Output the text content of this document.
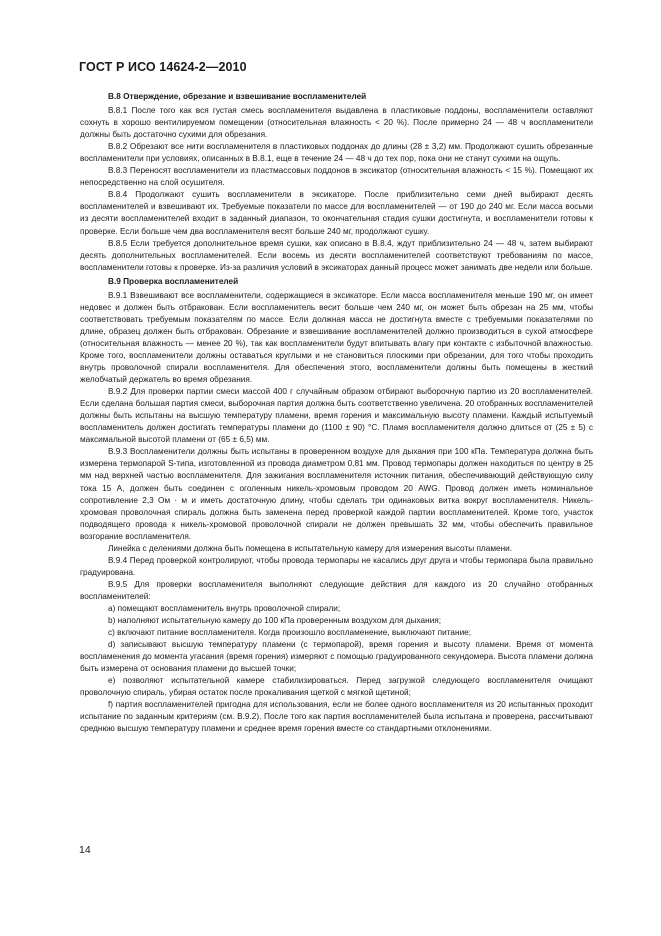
ГОСТ Р ИСО 14624-2—2010

В.8 Отверждение, обрезание и взвешивание воспламенителей

В.8.1 После того как вся густая смесь воспламенителя выдавлена в пластиковые поддоны, воспламенители оставляют сохнуть в хорошо вентилируемом помещении (относительная влажность < 20 %). После примерно 24 — 48 ч воспламенители должны быть достаточно сухими для обрезания.

В.8.2 Обрезают все нити воспламенителя в пластиковых поддонах до длины (28 ± 3,2) мм. Продолжают сушить обрезанные воспламенители при условиях, описанных в В.8.1, еще в течение 24 — 48 ч до тех пор, пока они не станут сухими на ощупь.

В.8.3 Переносят воспламенители из пластмассовых поддонов в эксикатор (относительная влажность < 15 %). Помещают их непосредственно на слой осушителя.

В.8.4 Продолжают сушить воспламенители в эксикаторе. После приблизительно семи дней выбирают десять воспламенителей и взвешивают их. Требуемые показатели по массе для воспламенителей — от 190 до 240 мг. Если масса восьми из десяти воспламенителей входит в заданный диапазон, то окончательная стадия сушки достигнута, и воспламенители готовы к проверке. Если больше чем два воспламенителя весят больше 240 мг, продолжают сушку.

В.8.5 Если требуется дополнительное время сушки, как описано в В.8.4, ждут приблизительно 24 — 48 ч, затем выбирают десять дополнительных воспламенителей. Если восемь из десяти воспламенителей соответствуют требованиям по массе, воспламенители готовы к проверке. Из-за различия условий в эксикаторах данный процесс может занимать две недели или больше.

В.9 Проверка воспламенителей

В.9.1 Взвешивают все воспламенители, содержащиеся в эксикаторе. Если масса воспламенителя меньше 190 мг, он имеет недовес и должен быть отбракован. Если воспламенитель весит больше чем 240 мг, он может быть обрезан на 25 мм, чтобы соответствовать требуемым показателям по массе. Если должная масса не достигнута вместе с требуемыми показателями по длине, образец должен быть отбракован. Обрезание и взвешивание воспламенителей должно производиться в сухой атмосфере (относительная влажность — менее 20 %), так как воспламенители будут впитывать влагу при контакте с избыточной влажностью. Кроме того, воспламенители должны оставаться круглыми и не становиться плоскими при обрезании, для того чтобы проходить внутрь проволочной спирали воспламенителя. Для обеспечения этого, воспламенители должны быть помещены в жесткий желобчатый держатель во время обрезания.

В.9.2 Для проверки партии смеси массой 400 г случайным образом отбирают выборочную партию из 20 воспламенителей. Если сделана большая партия смеси, выборочная партия должна быть соответственно увеличена. 20 отобранных воспламенителей должны быть испытаны на высшую температуру пламени, время горения и максимальную высоту пламени. Каждый испытуемый воспламенитель должен достигать температуры пламени до (1100 ± 90) °С. Пламя воспламенителя должно длиться от (25 ± 5) с максимальной высотой пламени от (65 ± 6,5) мм.

В.9.3 Воспламенители должны быть испытаны в проверенном воздухе для дыхания при 100 кПа. Температура должна быть измерена термопарой S-типа, изготовленной из провода диаметром 0,81 мм. Провод термопары должен находиться по центру в 25 мм над верхней частью воспламенителя. Для зажигания воспламенителя источник питания, обеспечивающий действующую силу тока 15 А, должен быть соединен с оголенным никель-хромовым проводом 20 AWG. Провод должен иметь номинальное сопротивление 2,3 Ом · м и иметь достаточную длину, чтобы сделать три одинаковых витка вокруг воспламенителя. Никель-хромовая проволочная спираль должна быть заменена перед проверкой каждой партии воспламенителей. Кроме того, участок подводящего провода к никель-хромовой проволочной спирали не должен превышать 32 мм, чтобы обеспечить правильное возгорание воспламенителя.

Линейка с делениями должна быть помещена в испытательную камеру для измерения высоты пламени.

В.9.4 Перед проверкой контролируют, чтобы провода термопары не касались друг друга и чтобы термопара была правильно градуирована.

В.9.5 Для проверки воспламенителя выполняют следующие действия для каждого из 20 случайно отобранных воспламенителей:

а) помещают воспламенитель внутрь проволочной спирали;

b) наполняют испытательную камеру до 100 кПа проверенным воздухом для дыхания;

c) включают питание воспламенителя. Когда произошло воспламенение, выключают питание;

d) записывают высшую температуру пламени (с термопарой), время горения и высоту пламени. Время от момента воспламенения до момента угасания (время горения) измеряют с помощью градуированного секундомера. Высота пламени должна быть измерена от основания пламени до высшей точки;

e) позволяют испытательной камере стабилизироваться. Перед загрузкой следующего воспламенителя очищают проволочную спираль, убирая остаток после прокаливания щеткой с мягкой щетиной;

f) партия воспламенителей пригодна для использования, если не более одного воспламенителя из 20 испытанных проходит испытание по заданным критериям (см. В.9.2). После того как партия воспламенителей была испытана и проверена, рассчитывают среднюю высшую температуру пламени и среднее время горения вместе со стандартными отклонениями.

14
